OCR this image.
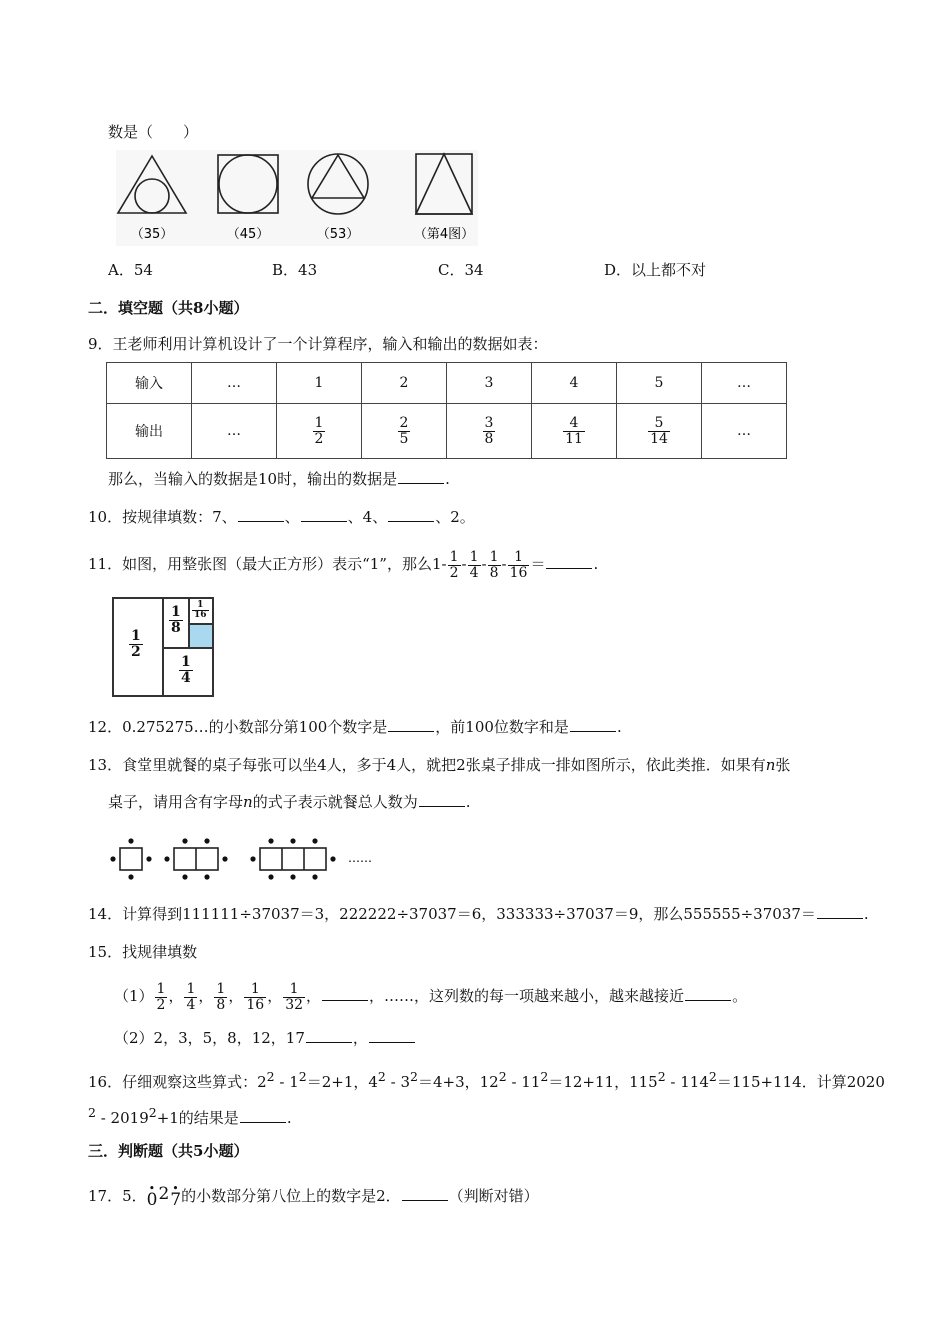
数是（　　）
（35）	（45）	（53）	（第4图）
A．54	B．43	C．34	D．以上都不对
二．填空题（共8小题）
9．王老师利用计算机设计了一个计算程序，输入和输出的数据如表：
输入	…	1	2	3	4	5	…
输出	…	$\frac{1}{2}$	$\frac{2}{5}$	$\frac{3}{8}$	$\frac{4}{11}$	$\frac{5}{14}$	…
那么，当输入的数据是10时，输出的数据是	.
10．按规律填数：7、	、	、4、	、2。
11．如图，用整张图（最大正方形）表示“1”，那么$1- \frac{1}{2} - \frac{1}{4} - \frac{1}{8} - \frac{1}{16}$ ＝	.
$\frac{1}{2}$
$\frac{1}{8} \frac{1}{16}$
$\frac{1}{4}$
12．0.275275…的小数部分第100个数字是	，前100位数字和是	.
13．食堂里就餐的桌子每张可以坐4人，多于4人，就把2张桌子排成一排如图所示，依此类推．如果有n张
桌子，请用含有字母n的式子表示就餐总人数为	.
……
14．计算得到111111÷37037＝3，222222÷37037＝6，333333÷37037＝9，那么555555÷37037＝	.
15．找规律填数
$(1) \frac{1}{2}$ ， $\frac{1}{4}$ ， $\frac{1}{8}$ ， $\frac{1}{16}$ ， $\frac{1}{32}$ ，	，……，这列数的每一项越来越小，越来越接近	。
（2）2，3，5，8，12，17	，
16．仔细观察这些算式：$2^2 - 1^2=2+1$，$4^2 - 3^2=4+3$，$12^2 - 11^2=12+11$，$115^2 - 114^2=115+114$．计算2020
$^2 - 2019^2+1$的结果是	.
三．判断题（共5小题）
17．5．• 02• 7的小数部分第八位上的数字是2．	（判断对错）
